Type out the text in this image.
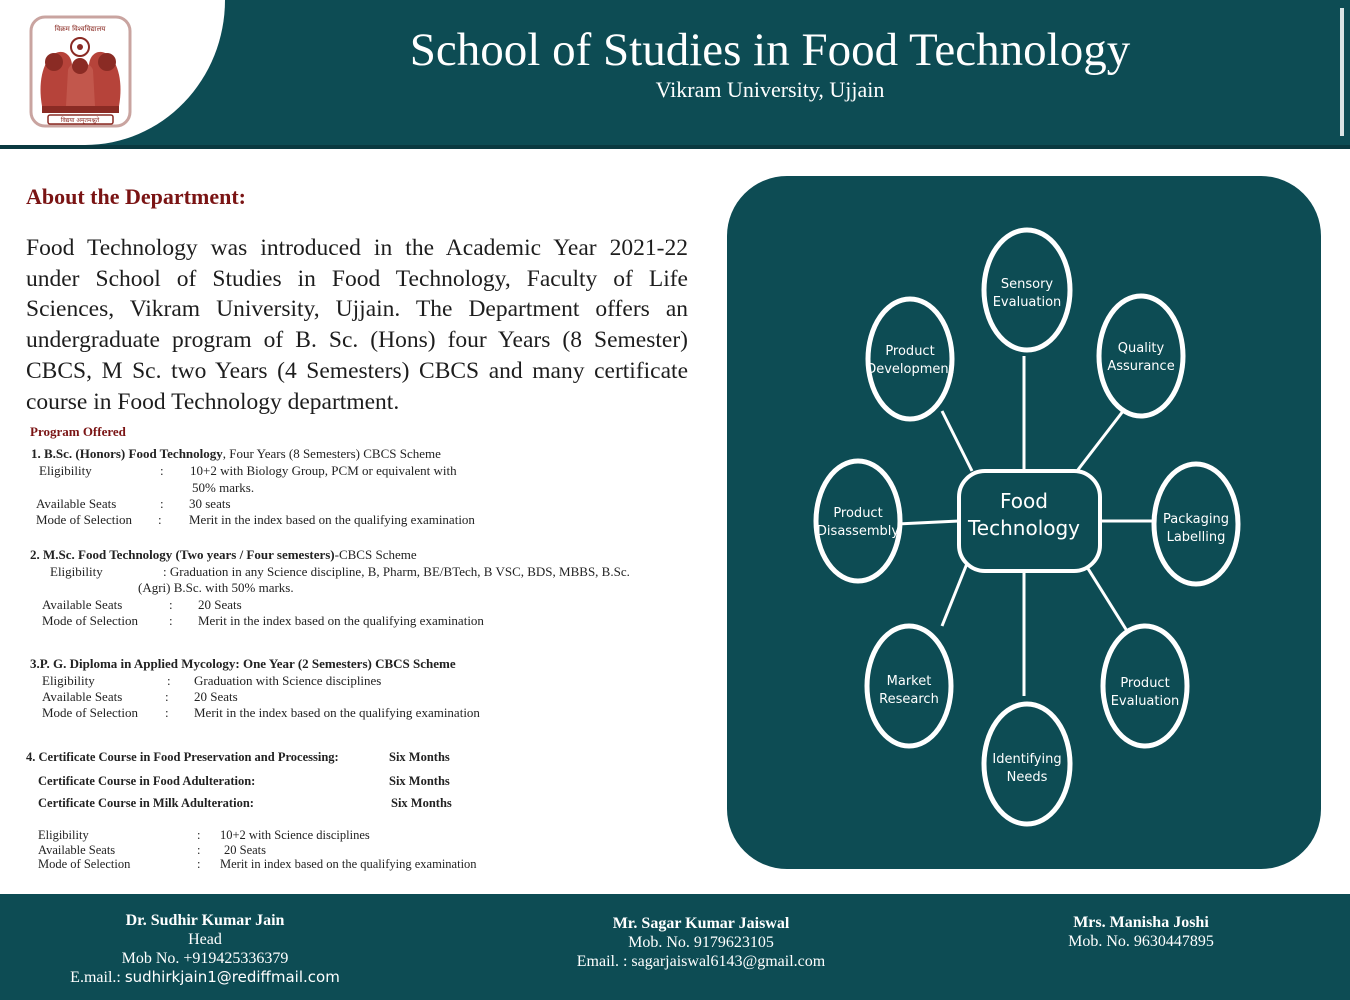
विक्रम विश्वविद्यालय
विद्यया अमृतमश्नुते
School of Studies in Food Technology
Vikram University, Ujjain
About the Department:
Food Technology was introduced in the Academic Year 2021-22 under School of Studies in Food Technology, Faculty of Life Sciences, Vikram University, Ujjain. The Department offers an undergraduate program of B. Sc. (Hons) four Years (8 Semester) CBCS, M Sc. two Years (4 Semesters) CBCS and many certificate course in Food Technology department.
Program Offered
1. B.Sc. (Honors) Food Technology, Four Years (8 Semesters) CBCS Scheme
Eligibility	: 10+2 with Biology Group, PCM or equivalent with
50% marks.
Available Seats	: 30 seats
Mode of Selection : Merit in the index based on the qualifying examination
2. M.Sc. Food Technology (Two years / Four semesters)-CBCS Scheme
Eligibility	: Graduation in any Science discipline, B, Pharm, BE/BTech, B VSC, BDS, MBBS, B.Sc.
(Agri) B.Sc. with 50% marks.
Available Seats	: 20 Seats
Mode of Selection : Merit in the index based on the qualifying examination
3.P. G. Diploma in Applied Mycology: One Year (2 Semesters) CBCS Scheme
Eligibility	: Graduation with Science disciplines
Available Seats	: 20 Seats
Mode of Selection : Merit in the index based on the qualifying examination
4. Certificate Course in Food Preservation and Processing:	Six Months
Certificate Course in Food Adulteration:	Six Months
Certificate Course in Milk Adulteration:	Six Months
Eligibility	: 10+2 with Science disciplines
Available Seats	: 20 Seats
Mode of Selection	: Merit in index based on the qualifying examination
Food
Technology
Sensory
Evaluation
Quality
Assurance
Packaging
Labelling
Product
Evaluation
Identifying
Needs
Market
Research
Product
Disassembly
Product
Development
Dr. Sudhir Kumar Jain
Head
Mob No. +919425336379
E.mail.: sudhirkjain1@rediffmail.com
Mr. Sagar Kumar Jaiswal
Mob. No. 9179623105
Email. : sagarjaiswal6143@gmail.com
Mrs. Manisha Joshi
Mob. No. 9630447895
